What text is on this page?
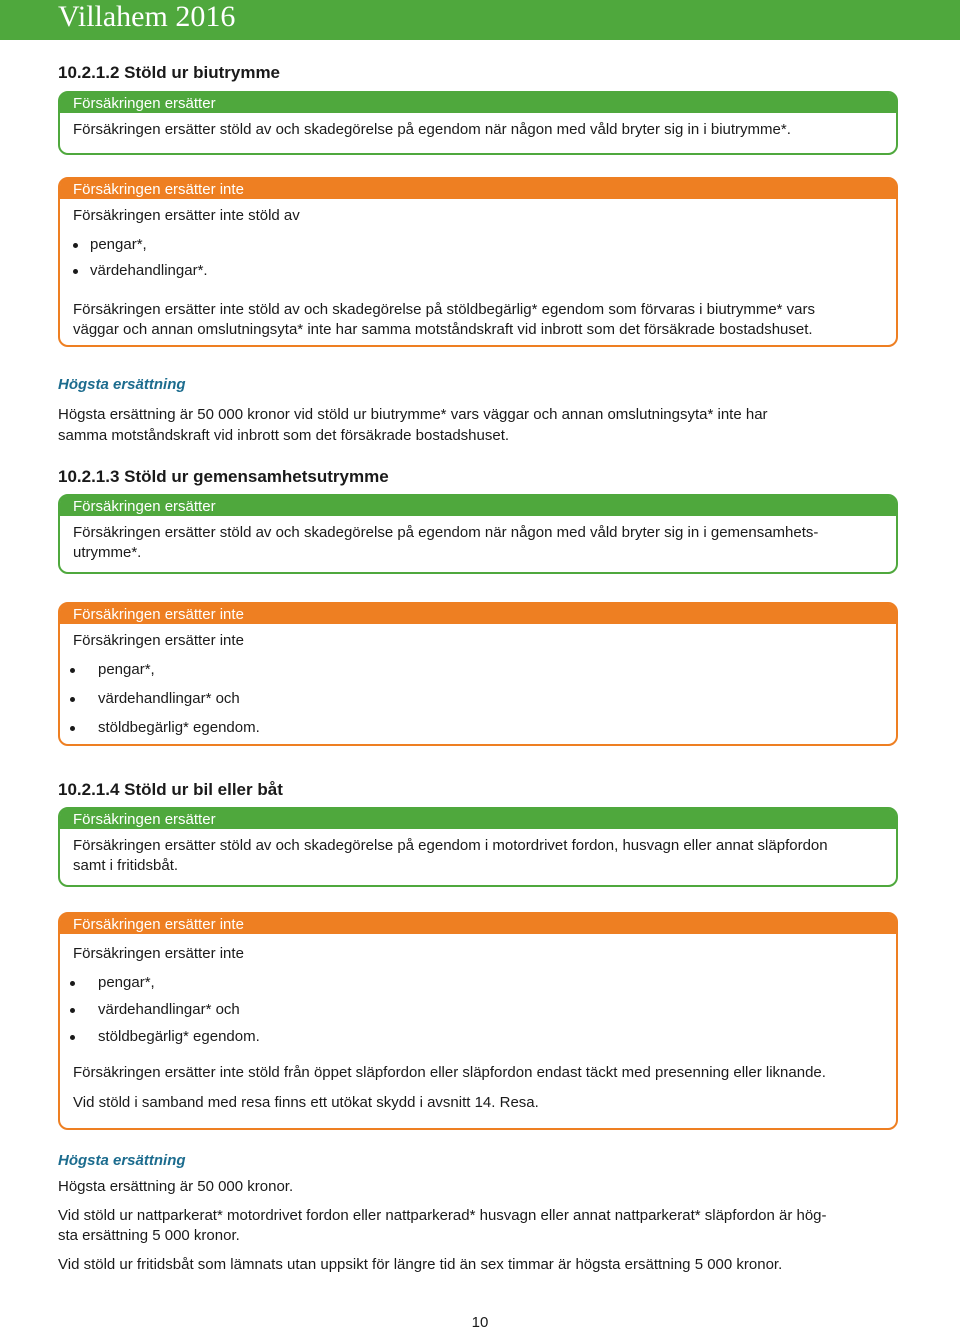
Villahem 2016
10.2.1.2 Stöld ur biutrymme
Försäkringen ersätter
Försäkringen ersätter stöld av och skadegörelse på egendom när någon med våld bryter sig in i biutrymme*.
Försäkringen ersätter inte
Försäkringen ersätter inte stöld av
pengar*,
värdehandlingar*.
Försäkringen ersätter inte stöld av och skadegörelse på stöldbegärlig* egendom som förvaras i biutrymme* vars
väggar och annan omslutningsyta* inte har samma motståndskraft vid inbrott som det försäkrade bostadshuset.
Högsta ersättning
Högsta ersättning är 50 000 kronor vid stöld ur biutrymme* vars väggar och annan omslutningsyta* inte har
samma motståndskraft vid inbrott som det försäkrade bostadshuset.
10.2.1.3 Stöld ur gemensamhetsutrymme
Försäkringen ersätter
Försäkringen ersätter stöld av och skadegörelse på egendom när någon med våld bryter sig in i gemensamhets-
utrymme*.
Försäkringen ersätter inte
Försäkringen ersätter inte
pengar*,
värdehandlingar* och
stöldbegärlig* egendom.
10.2.1.4 Stöld ur bil eller båt
Försäkringen ersätter
Försäkringen ersätter stöld av och skadegörelse på egendom i motordrivet fordon, husvagn eller annat släpfordon
samt i fritidsbåt.
Försäkringen ersätter inte
Försäkringen ersätter inte
pengar*,
värdehandlingar* och
stöldbegärlig* egendom.
Försäkringen ersätter inte stöld från öppet släpfordon eller släpfordon endast täckt med presenning eller liknande.
Vid stöld i samband med resa finns ett utökat skydd i avsnitt 14. Resa.
Högsta ersättning
Högsta ersättning är 50 000 kronor.
Vid stöld ur nattparkerat* motordrivet fordon eller nattparkerad* husvagn eller annat nattparkerat* släpfordon är hög-
sta ersättning 5 000 kronor.
Vid stöld ur fritidsbåt som lämnats utan uppsikt för längre tid än sex timmar är högsta ersättning 5 000 kronor.
10
